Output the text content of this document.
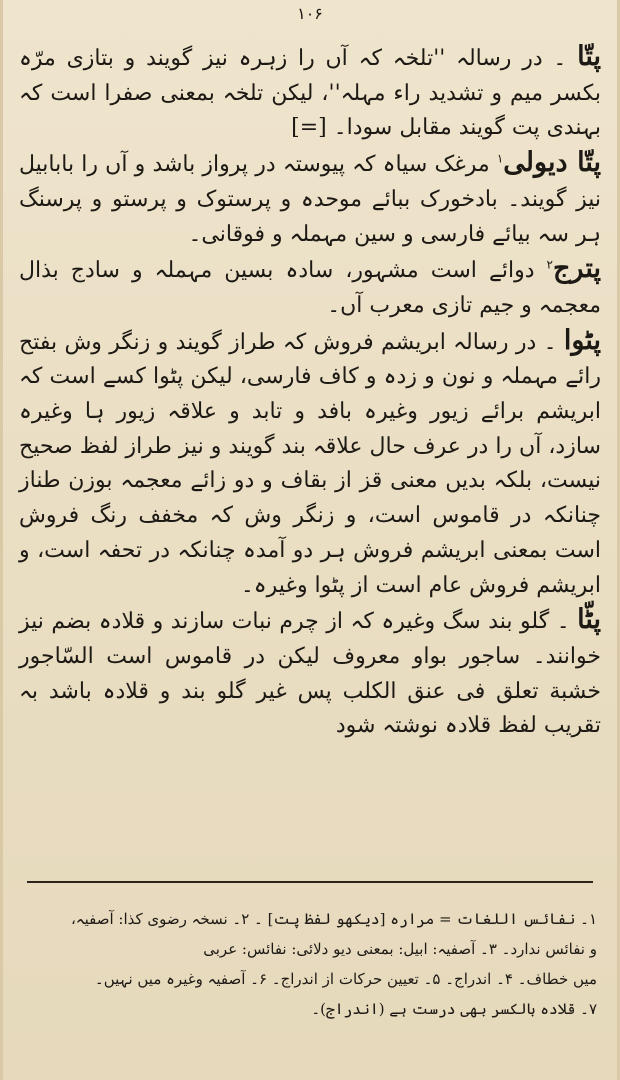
۱۰۶

پتّا ۔ در رسالہ ''تلخہ کہ آں را زہرہ نیز گویند و بتازی مرّہ بکسر میم و تشدید راء مہلہ''، لیکن تلخہ بمعنی صفرا است کہ بہندی پت گویند مقابل سودا۔ [=]

پتّا دیولی$^۱$ مرغک سیاہ کہ پیوستہ در پرواز باشد و آں را بابابیل نیز گویند۔ بادخورک ببائے موحدہ و پرستوک و پرستو و پرسنگ ہر سہ بیائے فارسی و سین مہملہ و فوقانی۔

پترج$^۲$ دوائے است مشہور، سادہ بسین مہملہ و سادج بذال معجمہ و جیم تازی معرب آں۔

پٹوا ۔ در رسالہ ابریشم فروش کہ طراز گویند و زنگر وش بفتح رائے مہملہ و نون و زدہ و کاف فارسی، لیکن پٹوا کسے است کہ ابریشم برائے زیور وغیرہ بافد و تابد و علاقہ زیور ہا وغیرہ سازد، آں را در عرف حال علاقہ بند گویند و نیز طراز لفظ صحیح نیست، بلکہ بدیں معنی قز از بقاف و دو زائے معجمہ بوزن طناز چنانکہ در قاموس است، و زنگر وش کہ مخفف رنگ فروش است بمعنی ابریشم فروش ہر دو آمدہ چنانکہ در تحفہ است، و ابریشم فروش عام است از پٹوا وغیرہ۔

پٹّا ۔ گلو بند سگ وغیرہ کہ از چرم نبات سازند و قلادہ بضم نیز خوانند۔ ساجور بواو معروف لیکن در قاموس است السّاجور خشبة تعلق فی عنق الکلب پس غیر گلو بند و قلادہ باشد بہ تقریب لفظ قلادہ نوشتہ شود

۱۔ نفائس اللغات = مرارہ [دیکھو لفظ پت] ۔ ۲۔ نسخہ رضوی کذا: آصفیہ،

و نفائس ندارد۔ ۳۔ آصفیہ: ابیل: بمعنی دیو دلائی: نفائس: عربی

میں خطاف۔ ۴۔ اندراج۔ ۵۔ تعیین حرکات از اندراج۔ ۶۔ آصفیہ وغیرہ میں نہیں۔

۷۔ قلادہ بالکسر بھی درست ہے (اندراج)۔
